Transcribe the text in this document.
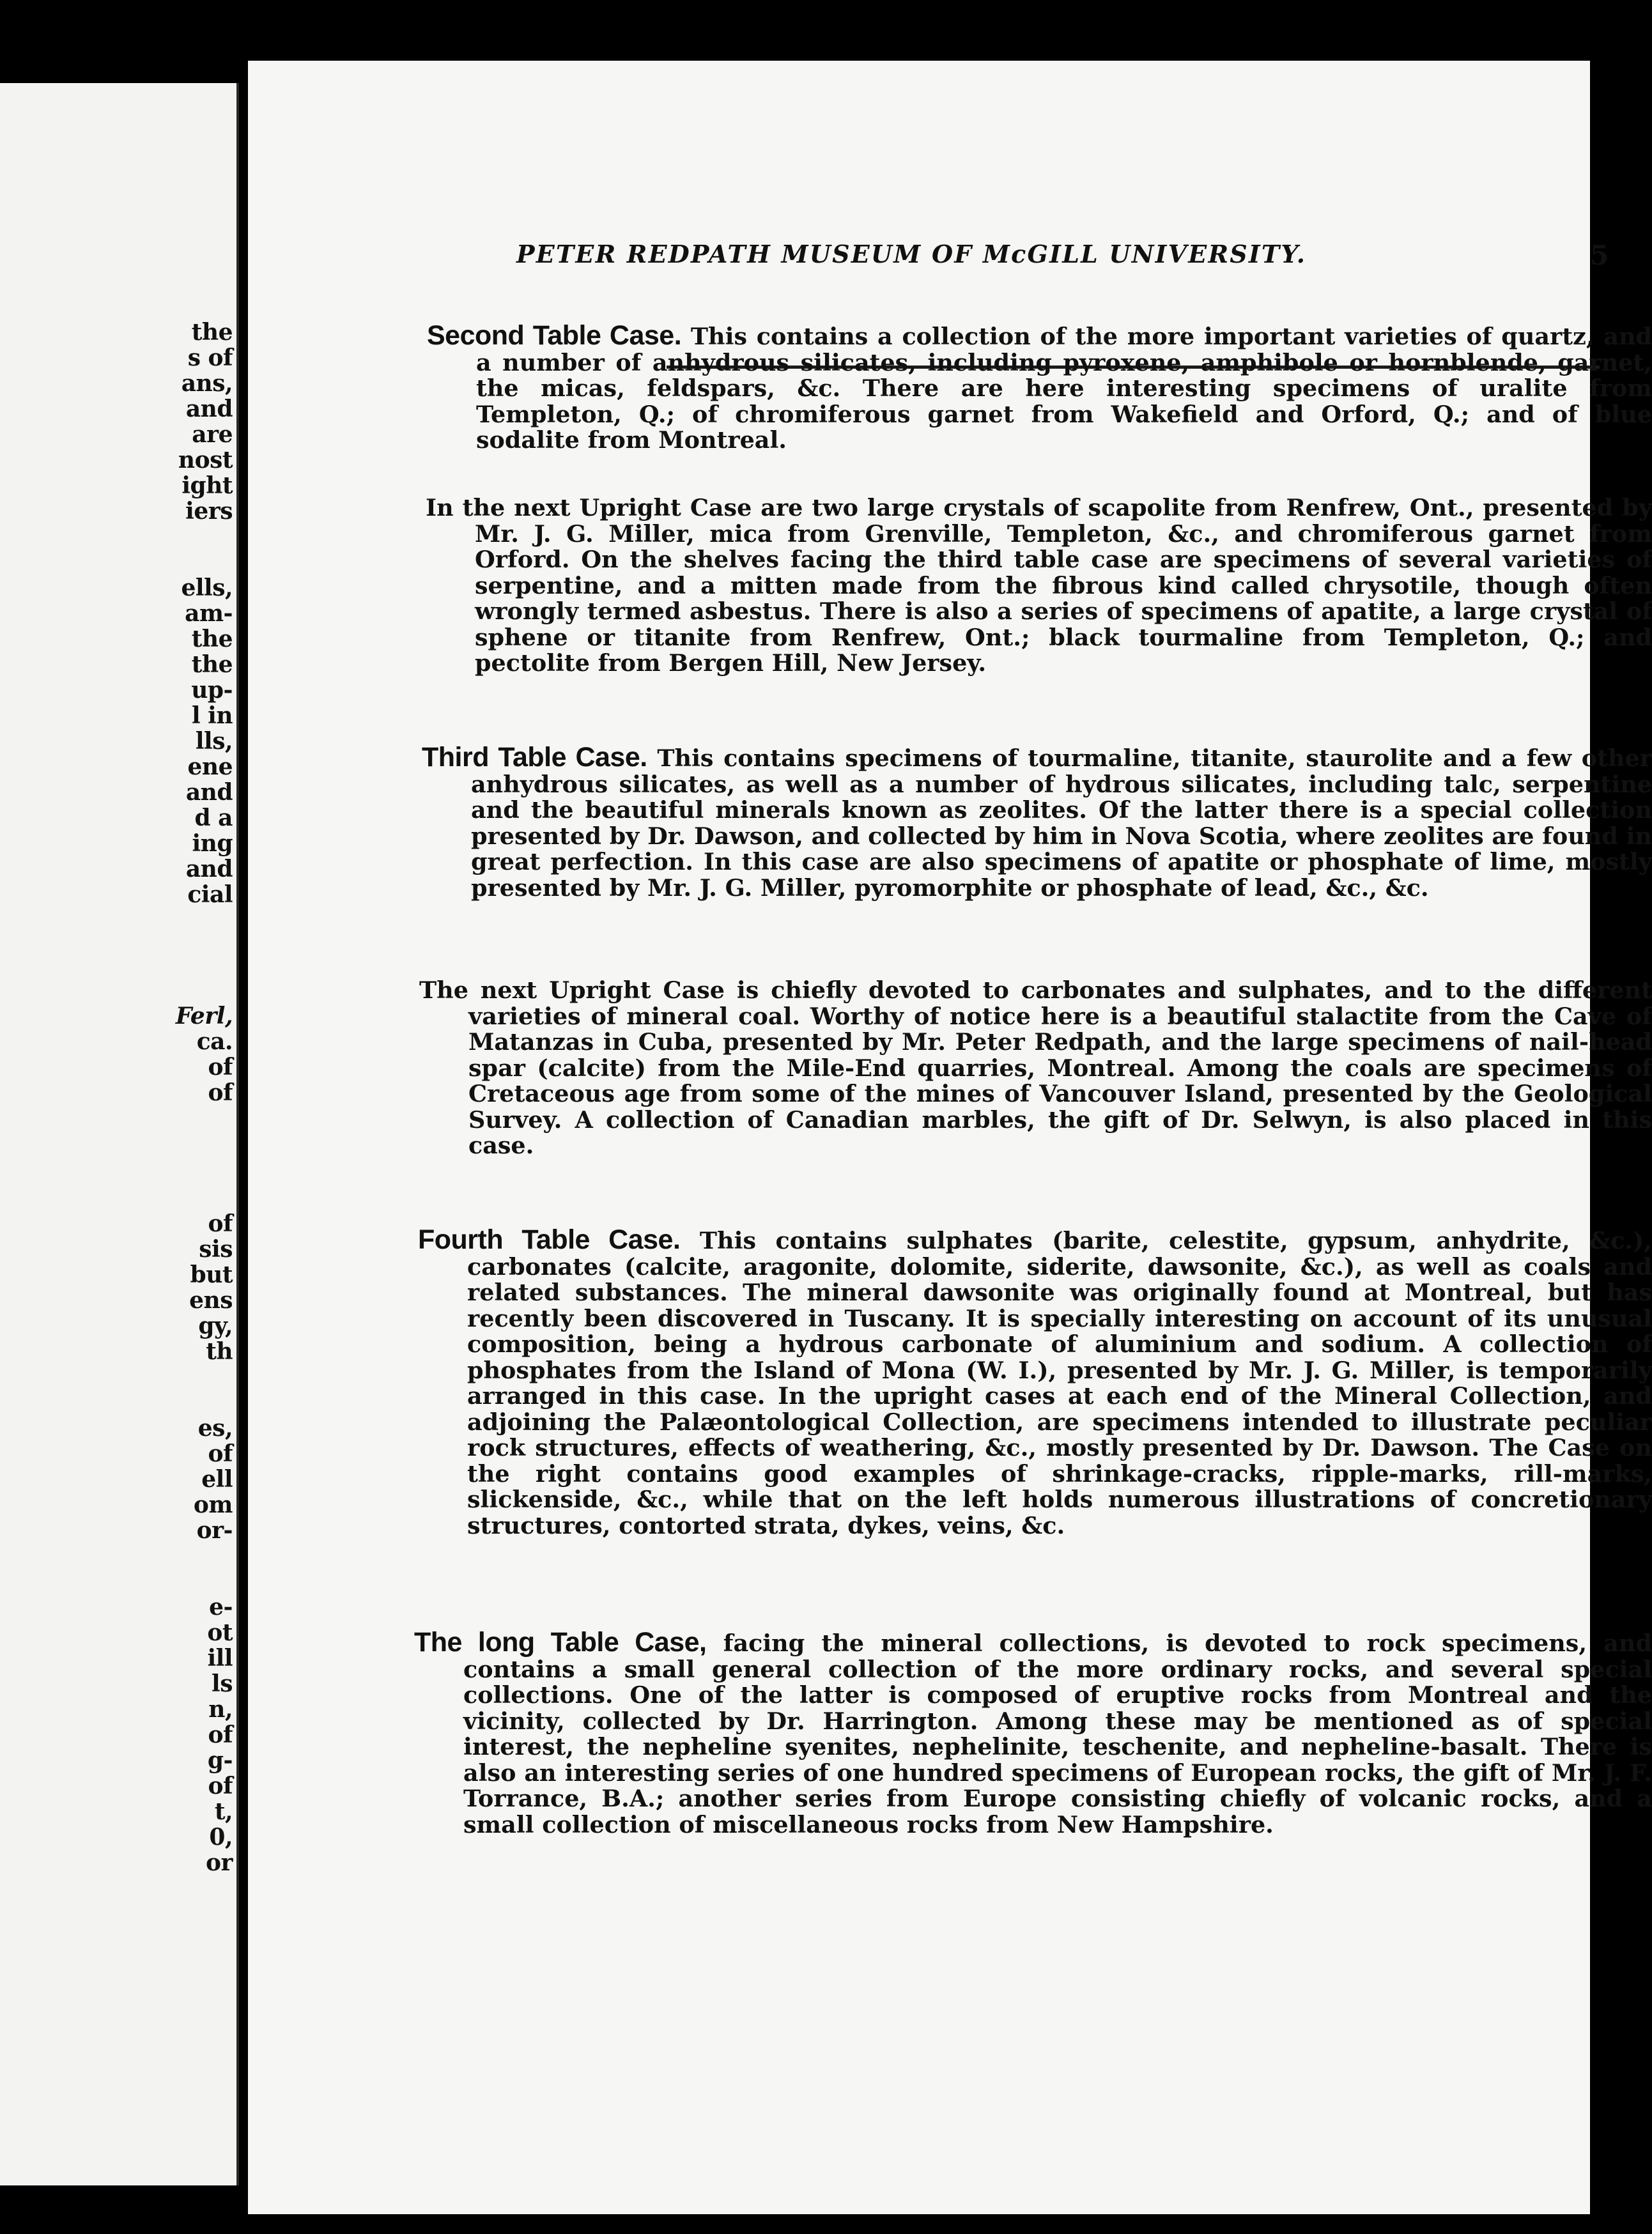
the
s of
ans,
and
are
nost
ight
iers
ells,
am-
the
the
up-
l in
lls,
ene
and
d a
ing
and
cial
Ferl,
ca.
of
of
of
sis
but
ens
gy,
th
es,
of
ell
om
or-
e-
ot
ill
ls
n,
of
g-
of
t,
0,
or
PETER REDPATH MUSEUM OF McGILL UNIVERSITY.	5

Second Table Case. This contains a collection of the more important varieties of quartz, and a number of anhydrous silicates, including pyroxene, amphibole or hornblende, garnet, the micas, feldspars, &c. There are here interesting specimens of uralite from Templeton, Q.; of chromiferous garnet from Wakefield and Orford, Q.; and of blue sodalite from Montreal.

In the next Upright Case are two large crystals of scapolite from Renfrew, Ont., presented by Mr. J. G. Miller, mica from Grenville, Templeton, &c., and chromiferous garnet from Orford. On the shelves facing the third table case are specimens of several varieties of serpentine, and a mitten made from the fibrous kind called chrysotile, though often wrongly termed asbestus. There is also a series of specimens of apatite, a large crystal of sphene or titanite from Renfrew, Ont.; black tourmaline from Templeton, Q.; and pectolite from Bergen Hill, New Jersey.

Third Table Case. This contains specimens of tourmaline, titanite, staurolite and a few other anhydrous silicates, as well as a number of hydrous silicates, including talc, serpentine and the beautiful minerals known as zeolites. Of the latter there is a special collection presented by Dr. Dawson, and collected by him in Nova Scotia, where zeolites are found in great perfection. In this case are also specimens of apatite or phosphate of lime, mostly presented by Mr. J. G. Miller, pyromorphite or phosphate of lead, &c., &c.

The next Upright Case is chiefly devoted to carbonates and sulphates, and to the different varieties of mineral coal. Worthy of notice here is a beautiful stalactite from the Cave of Matanzas in Cuba, presented by Mr. Peter Redpath, and the large specimens of nail-head spar (calcite) from the Mile-End quarries, Montreal. Among the coals are specimens of Cretaceous age from some of the mines of Vancouver Island, presented by the Geological Survey. A collection of Canadian marbles, the gift of Dr. Selwyn, is also placed in this case.

Fourth Table Case. This contains sulphates (barite, celestite, gypsum, anhydrite, &c.), carbonates (calcite, aragonite, dolomite, siderite, dawsonite, &c.), as well as coals and related substances. The mineral dawsonite was originally found at Montreal, but has recently been discovered in Tuscany. It is specially interesting on account of its unusual composition, being a hydrous carbonate of aluminium and sodium. A collection of phosphates from the Island of Mona (W. I.), presented by Mr. J. G. Miller, is temporarily arranged in this case. In the upright cases at each end of the Mineral Collection, and adjoining the Palæontological Collection, are specimens intended to illustrate peculiar rock structures, effects of weathering, &c., mostly presented by Dr. Dawson. The Case on the right contains good examples of shrinkage-cracks, ripple-marks, rill-marks, slickenside, &c., while that on the left holds numerous illustrations of concretionary structures, contorted strata, dykes, veins, &c.

The long Table Case, facing the mineral collections, is devoted to rock specimens, and contains a small general collection of the more ordinary rocks, and several special collections. One of the latter is composed of eruptive rocks from Montreal and the vicinity, collected by Dr. Harrington. Among these may be mentioned as of special interest, the nepheline syenites, nephelinite, teschenite, and nepheline-basalt. There is also an interesting series of one hundred specimens of European rocks, the gift of Mr. J. F. Torrance, B.A.; another series from Europe consisting chiefly of volcanic rocks, and a small collection of miscellaneous rocks from New Hampshire.
